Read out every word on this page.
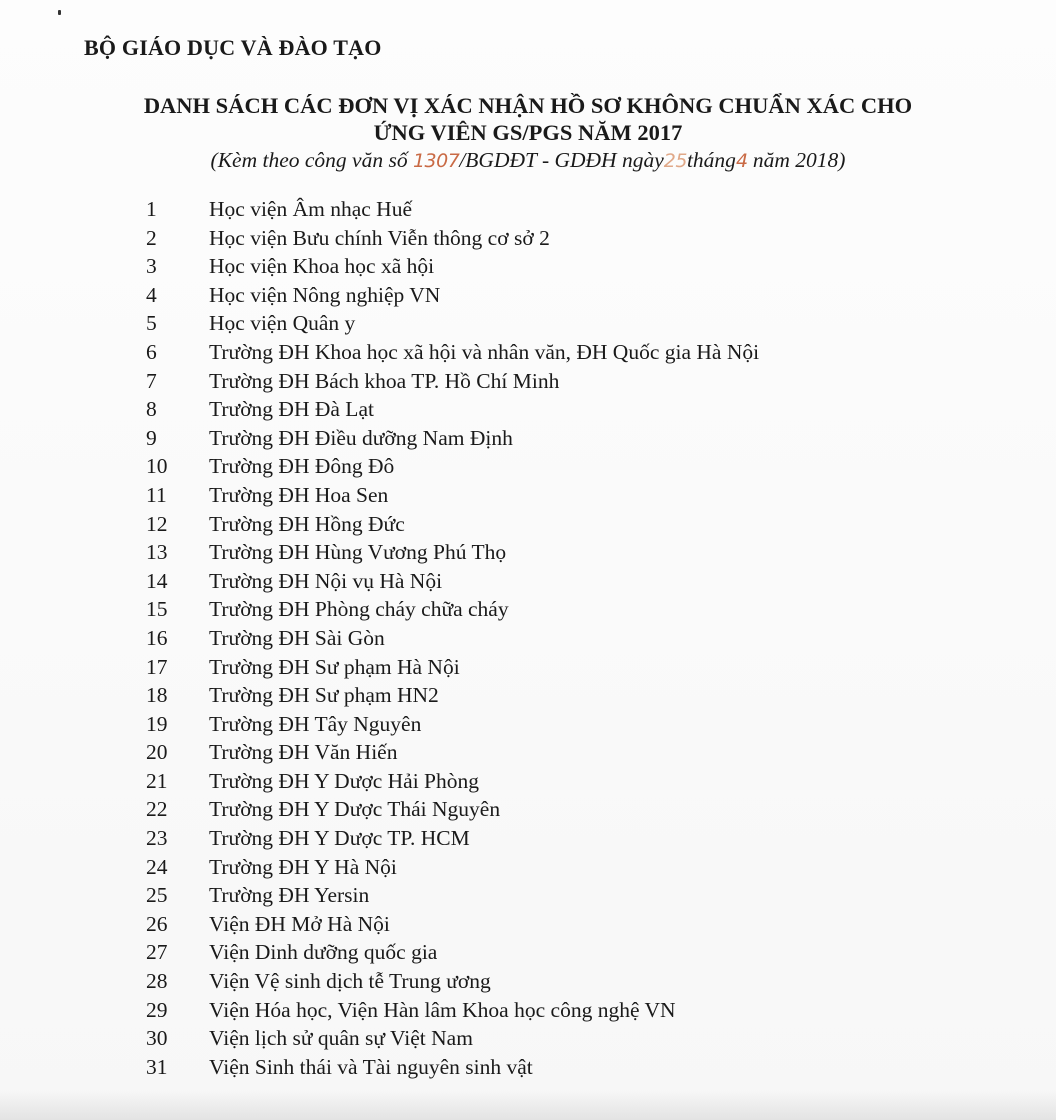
BỘ GIÁO DỤC VÀ ĐÀO TẠO
DANH SÁCH CÁC ĐƠN VỊ XÁC NHẬN HỒ SƠ KHÔNG CHUẨN XÁC CHO
ỨNG VIÊN GS/PGS NĂM 2017
(Kèm theo công văn số 1307/BGDĐT - GDĐH ngày25tháng4 năm 2018)
1	Học viện Âm nhạc Huế
2	Học viện Bưu chính Viễn thông cơ sở 2
3	Học viện Khoa học xã hội
4	Học viện Nông nghiệp VN
5	Học viện Quân y
6	Trường ĐH Khoa học xã hội và nhân văn, ĐH Quốc gia Hà Nội
7	Trường ĐH Bách khoa TP. Hồ Chí Minh
8	Trường ĐH Đà Lạt
9	Trường ĐH Điều dưỡng Nam Định
10	Trường ĐH Đông Đô
11	Trường ĐH Hoa Sen
12	Trường ĐH Hồng Đức
13	Trường ĐH Hùng Vương Phú Thọ
14	Trường ĐH Nội vụ Hà Nội
15	Trường ĐH Phòng cháy chữa cháy
16	Trường ĐH Sài Gòn
17	Trường ĐH Sư phạm Hà Nội
18	Trường ĐH Sư phạm HN2
19	Trường ĐH Tây Nguyên
20	Trường ĐH Văn Hiến
21	Trường ĐH Y Dược Hải Phòng
22	Trường ĐH Y Dược Thái Nguyên
23	Trường ĐH Y Dược TP. HCM
24	Trường ĐH Y Hà Nội
25	Trường ĐH Yersin
26	Viện ĐH Mở Hà Nội
27	Viện Dinh dưỡng quốc gia
28	Viện Vệ sinh dịch tễ Trung ương
29	Viện Hóa học, Viện Hàn lâm Khoa học công nghệ VN
30	Viện lịch sử quân sự Việt Nam
31	Viện Sinh thái và Tài nguyên sinh vật
